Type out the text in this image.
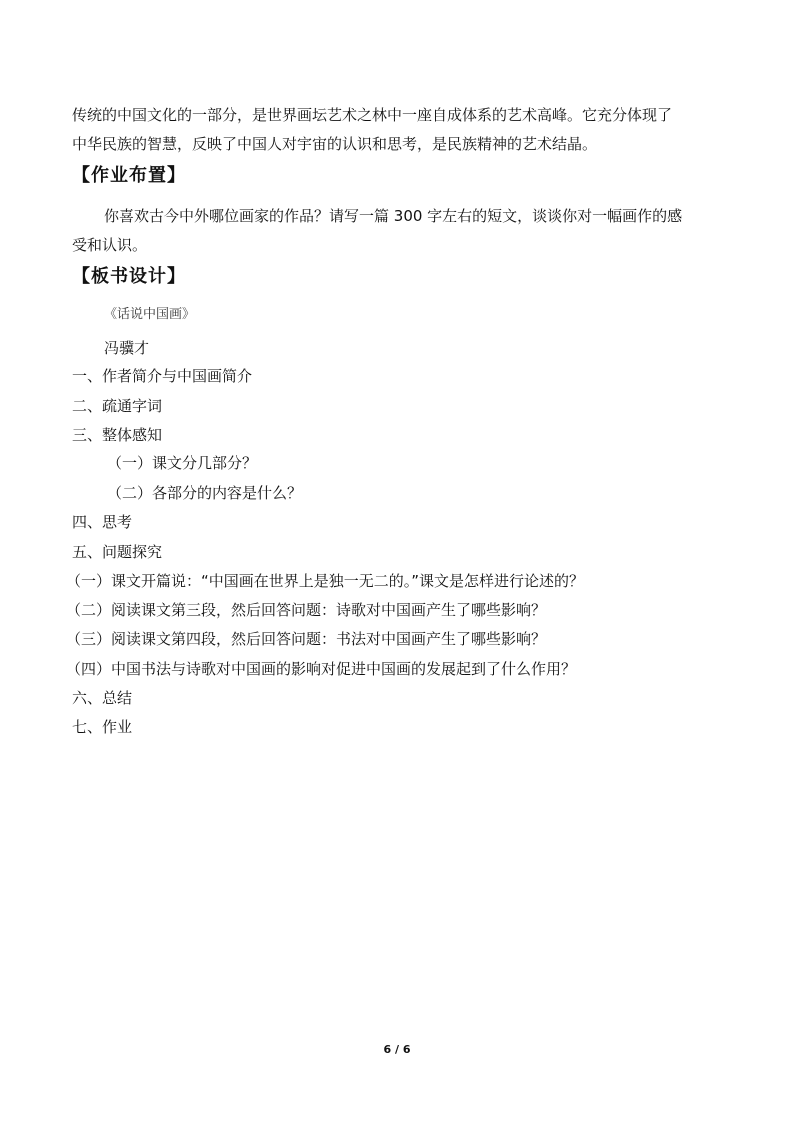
传统的中国文化的一部分，是世界画坛艺术之林中一座自成体系的艺术高峰。它充分体现了
中华民族的智慧，反映了中国人对宇宙的认识和思考，是民族精神的艺术结晶。
【作业布置】
你喜欢古今中外哪位画家的作品？请写一篇 300 字左右的短文，谈谈你对一幅画作的感
受和认识。
【板书设计】
《话说中国画》
冯骥才
一、作者简介与中国画简介
二、疏通字词
三、整体感知
（一）课文分几部分？
（二）各部分的内容是什么？
四、思考
五、问题探究
（一）课文开篇说：“中国画在世界上是独一无二的。”课文是怎样进行论述的？
（二）阅读课文第三段，然后回答问题：诗歌对中国画产生了哪些影响？
（三）阅读课文第四段，然后回答问题：书法对中国画产生了哪些影响？
（四）中国书法与诗歌对中国画的影响对促进中国画的发展起到了什么作用？
六、总结
七、作业
6 / 6
